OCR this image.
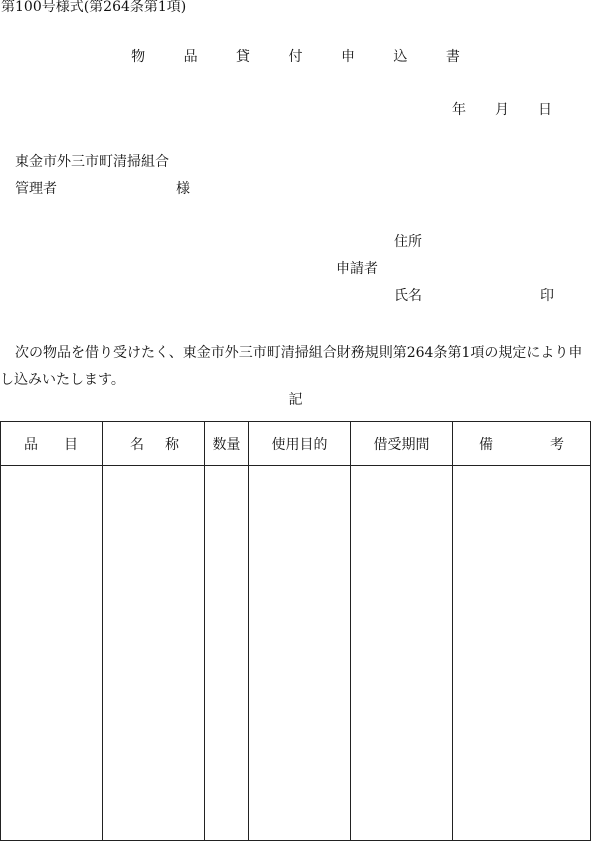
第100号様式(第264条第1項)
物 品 貸 付 申 込 書
年	月	日
東金市外三市町清掃組合
管理者	様
住所
申請者
氏名	印
次の物品を借り受けたく、東金市外三市町清掃組合財務規則第264条第1項の規定により申し込みいたします。
記
品 目	名 称	数量	使用目的	借受期間	備 考
